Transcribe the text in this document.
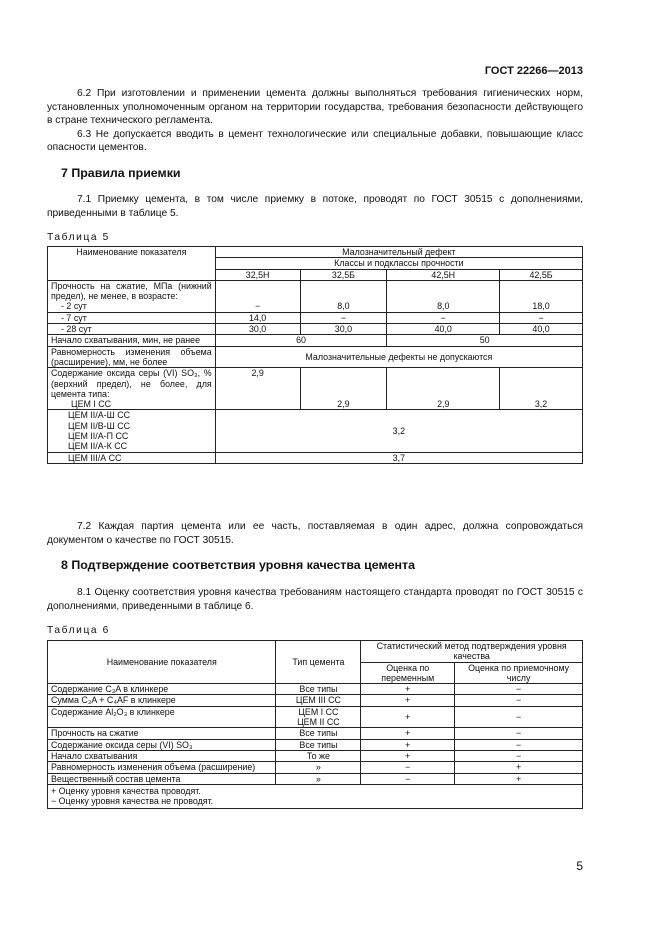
ГОСТ 22266—2013

6.2 При изготовлении и применении цемента должны выполняться требования гигиенических норм, установленных уполномоченным органом на территории государства, требования безопасности действующего в стране технического регламента.

6.3 Не допускается вводить в цемент технологические или специальные добавки, повышающие класс опасности цементов.

7 Правила приемки

7.1 Приемку цемента, в том числе приемку в потоке, проводят по ГОСТ 30515 с дополнениями, приведенными в таблице 5.

Таблица 5
Наименование показателя	Малозначительный дефект			
	Классы и подклассы прочности			
	32,5Н	32,5Б	42,5Н	42,5Б

Прочность на сжатие, МПа (нижний предел), не менее, в возрасте:
- 2 сут	−	8,0	8,0	18,0
- 7 сут	14,0	−	−	−
- 28 сут	30,0	30,0	40,0	40,0
Начало схватывания, мин, не ранее	60		50	
Равномерность изменения объема (расширение), мм, не более	Малозначительные дефекты не допускаются			

Содержание оксида серы (VI) SO₃, % (верхний предел), не более, для цемента типа:
ЦЕМ I СС	2,9	2,9	2,9	3,2

ЦЕМ II/А-Ш СС
ЦЕМ II/В-Ш СС
ЦЕМ II/А-П СС
ЦЕМ II/А-К СС	3,2			
ЦЕМ III/А СС	3,7			

7.2 Каждая партия цемента или ее часть, поставляемая в один адрес, должна сопровождаться документом о качестве по ГОСТ 30515.

8 Подтверждение соответствия уровня качества цемента

8.1 Оценку соответствия уровня качества требованиям настоящего стандарта проводят по ГОСТ 30515 с дополнениями, приведенными в таблице 6.

Таблица 6
Наименование показателя	Тип цемента	Статистический метод подтверждения уровня качества	
		Оценка по переменным	Оценка по приемочному числу
Содержание C₃A в клинкере	Все типы	+	−
Сумма C₃A + C₄AF в клинкере	ЦЕМ III СС	+	−
Содержание Al₂O₃ в клинкере	ЦЕМ I СС
ЦЕМ II СС	+	−
Прочность на сжатие	Все типы	+	−
Содержание оксида серы (VI) SO₃	Все типы	+	−
Начало схватывания	То же	+	−
Равномерность изменения объема (расширение)	»	−	+
Вещественный состав цемента	»	−	+

+ Оценку уровня качества проводят.
− Оценку уровня качества не проводят.			
5
